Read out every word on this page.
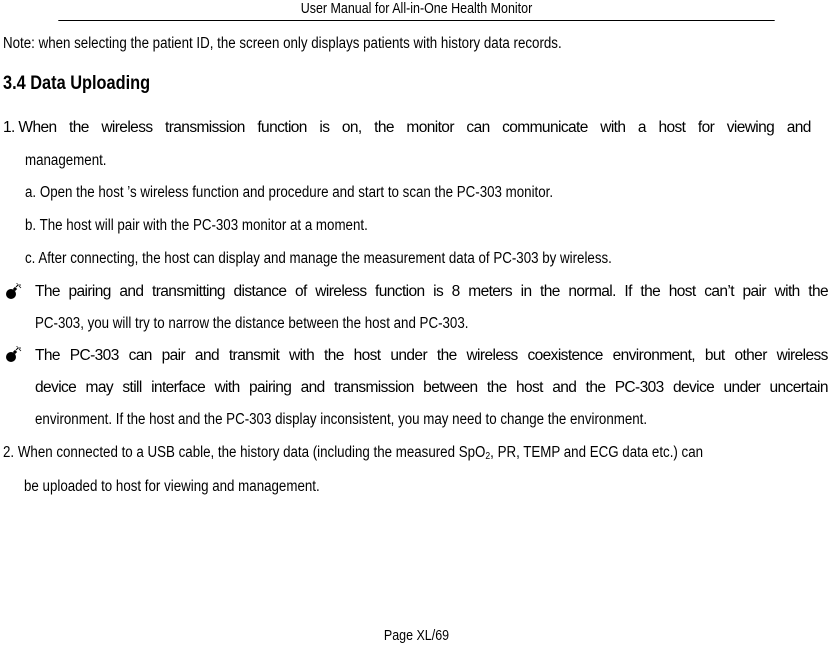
User Manual for All-in-One Health Monitor
Note: when selecting the patient ID, the screen only displays patients with history data records.
3.4 Data Uploading
1. When the wireless transmission function is on, the monitor can communicate with a host for viewing and
management.
a. Open the host ’s wireless function and procedure and start to scan the PC-303 monitor.
b. The host will pair with the PC-303 monitor at a moment.
c. After connecting, the host can display and manage the measurement data of PC-303 by wireless.
The pairing and transmitting distance of wireless function is 8 meters in the normal. If the host can’t pair with the
PC-303, you will try to narrow the distance between the host and PC-303.
The PC-303 can pair and transmit with the host under the wireless coexistence environment, but other wireless
device may still interface with pairing and transmission between the host and the PC-303 device under uncertain
environment. If the host and the PC-303 display inconsistent, you may need to change the environment.
2. When connected to a USB cable, the history data (including the measured SpO$_2$, PR, TEMP and ECG data etc.) can
be uploaded to host for viewing and management.
Page XL/69
